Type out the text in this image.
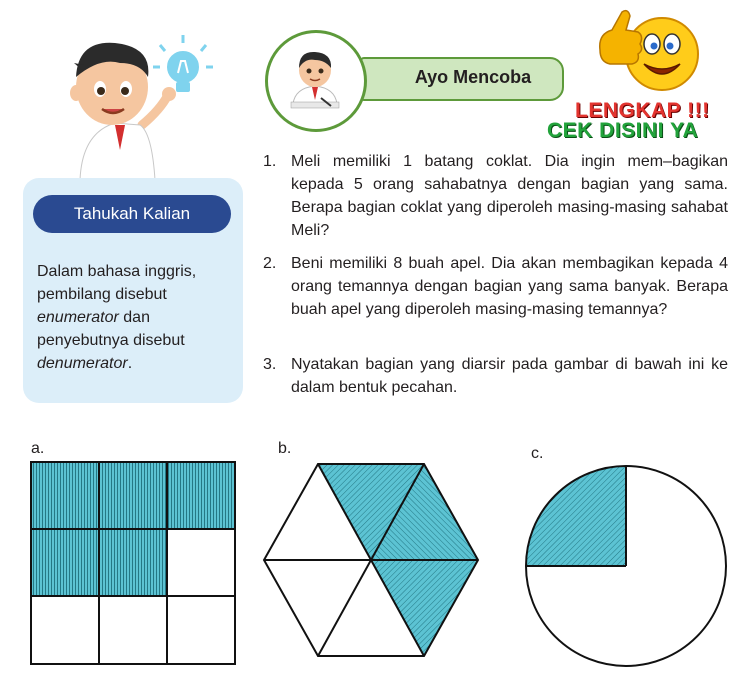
Tahukah Kalian
Dalam bahasa inggris, pembilang disebut enumerator dan penyebutnya disebut denumerator.
Ayo Mencoba
LENGKAP !!!
CEK DISINI YA
1. Meli memiliki 1 batang coklat. Dia ingin mem–bagikan kepada 5 orang sahabatnya dengan bagian yang sama. Berapa bagian coklat yang diperoleh masing-masing sahabat Meli?
2. Beni memiliki 8 buah apel. Dia akan membagikan kepada 4 orang temannya dengan bagian yang sama banyak. Berapa buah apel yang diperoleh masing-masing temannya?
3. Nyatakan bagian yang diarsir pada gambar di bawah ini ke dalam bentuk pecahan.
a.	b.	c.
